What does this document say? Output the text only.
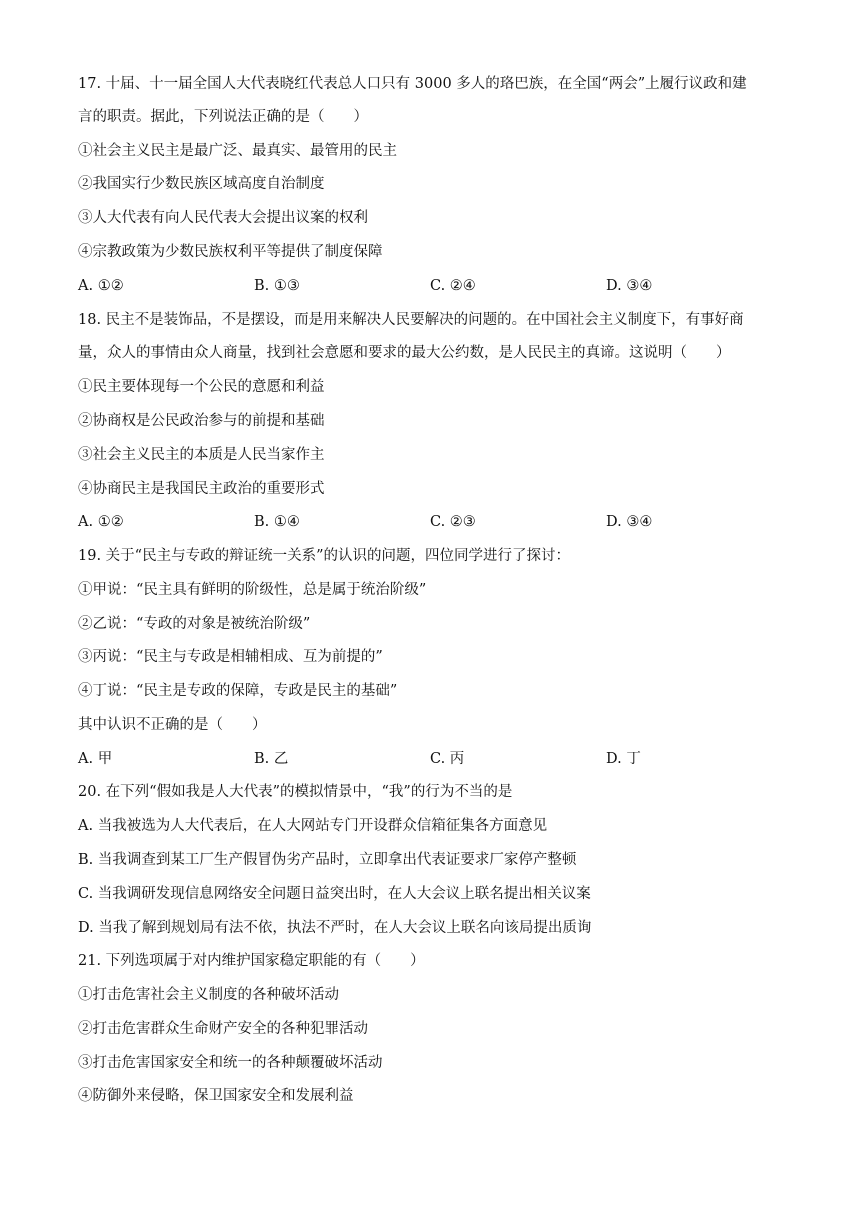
17. 十届、十一届全国人大代表晓红代表总人口只有 3000 多人的珞巴族，在全国“两会”上履行议政和建
言的职责。据此，下列说法正确的是（　　）
①社会主义民主是最广泛、最真实、最管用的民主
②我国实行少数民族区域高度自治制度
③人大代表有向人民代表大会提出议案的权利
④宗教政策为少数民族权利平等提供了制度保障
A. ①②	B. ①③	C. ②④	D. ③④
18. 民主不是装饰品，不是摆设，而是用来解决人民要解决的问题的。在中国社会主义制度下，有事好商
量，众人的事情由众人商量，找到社会意愿和要求的最大公约数，是人民民主的真谛。这说明（　　）
①民主要体现每一个公民的意愿和利益
②协商权是公民政治参与的前提和基础
③社会主义民主的本质是人民当家作主
④协商民主是我国民主政治的重要形式
A. ①②	B. ①④	C. ②③	D. ③④
19. 关于“民主与专政的辩证统一关系”的认识的问题，四位同学进行了探讨：
①甲说：“民主具有鲜明的阶级性，总是属于统治阶级”
②乙说：“专政的对象是被统治阶级”
③丙说：“民主与专政是相辅相成、互为前提的”
④丁说：“民主是专政的保障，专政是民主的基础”
其中认识不正确的是（　　）
A. 甲	B. 乙	C. 丙	D. 丁
20. 在下列“假如我是人大代表”的模拟情景中，“我”的行为不当的是
A. 当我被选为人大代表后，在人大网站专门开设群众信箱征集各方面意见
B. 当我调查到某工厂生产假冒伪劣产品时，立即拿出代表证要求厂家停产整顿
C. 当我调研发现信息网络安全问题日益突出时，在人大会议上联名提出相关议案
D. 当我了解到规划局有法不依，执法不严时，在人大会议上联名向该局提出质询
21. 下列选项属于对内维护国家稳定职能的有（　　）
①打击危害社会主义制度的各种破坏活动
②打击危害群众生命财产安全的各种犯罪活动
③打击危害国家安全和统一的各种颠覆破坏活动
④防御外来侵略，保卫国家安全和发展利益
